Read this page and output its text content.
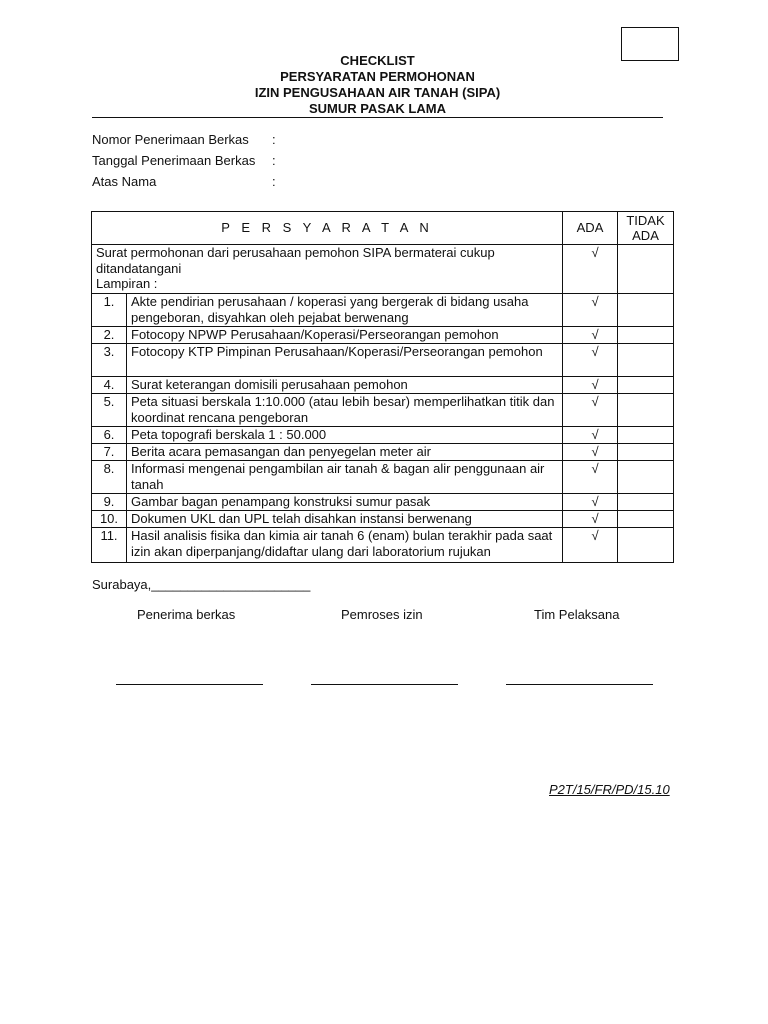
CHECKLIST
PERSYARATAN PERMOHONAN
IZIN PENGUSAHAAN AIR TANAH (SIPA)
SUMUR PASAK LAMA
Nomor Penerimaan Berkas	:
Tanggal Penerimaan Berkas	:
Atas Nama	:
P E R S Y A R A T A N		ADA	TIDAK
ADA

Surat permohonan dari perusahaan pemohon SIPA bermaterai cukup
ditandatangani
Lampiran :		√	
1.	Akte pendirian perusahaan / koperasi yang bergerak di bidang usaha pengeboran, disyahkan oleh pejabat berwenang	√	
2.	Fotocopy NPWP Perusahaan/Koperasi/Perseorangan pemohon	√	
3.	Fotocopy KTP Pimpinan Perusahaan/Koperasi/Perseorangan pemohon	√	
4.	Surat keterangan domisili perusahaan pemohon	√	
5.	Peta situasi berskala 1:10.000 (atau lebih besar) memperlihatkan titik dan koordinat rencana pengeboran	√	
6.	Peta topografi berskala 1 : 50.000	√	
7.	Berita acara pemasangan dan penyegelan meter air	√	
8.	Informasi mengenai pengambilan air tanah & bagan alir penggunaan air tanah	√	
9.	Gambar bagan penampang konstruksi sumur pasak	√	
10.	Dokumen UKL dan UPL telah disahkan instansi berwenang	√	
11.	Hasil analisis fisika dan kimia air tanah 6 (enam) bulan terakhir pada saat izin akan diperpanjang/didaftar ulang dari laboratorium rujukan	√	
Surabaya,______________________
Penerima berkas	Pemroses izin	Tim Pelaksana
P2T/15/FR/PD/15.10
